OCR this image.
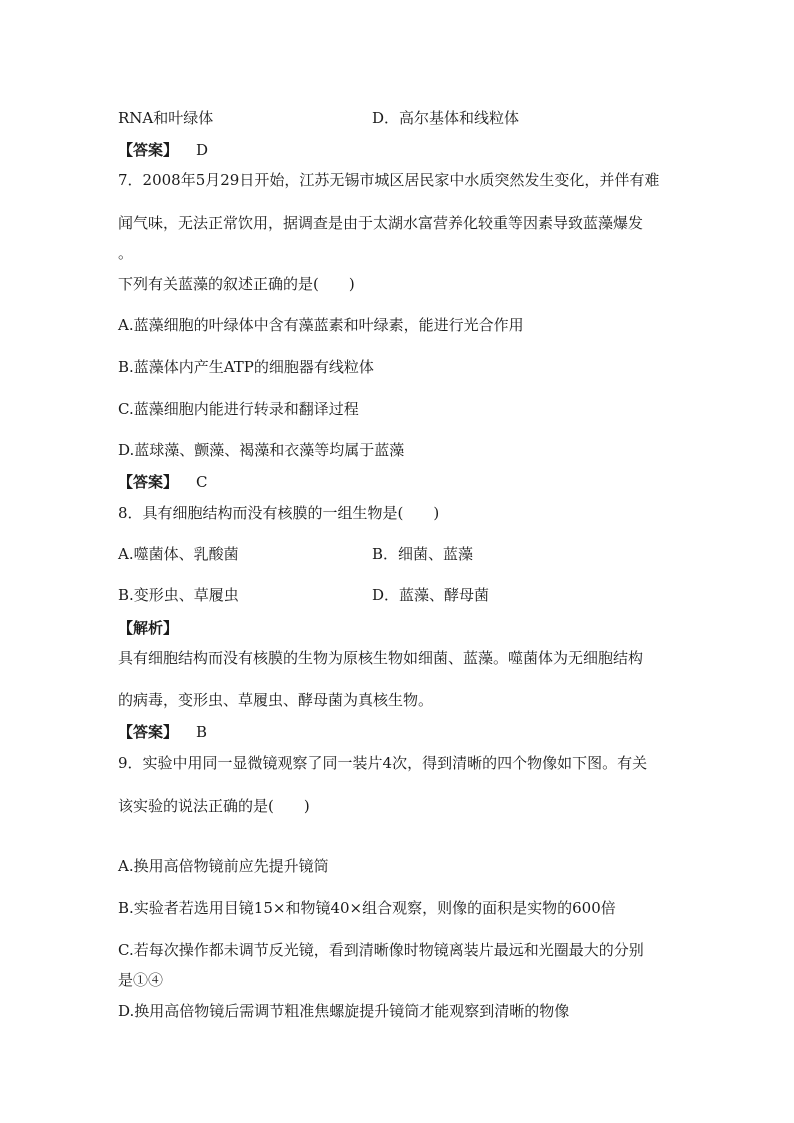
RNA和叶绿体	D．高尔基体和线粒体
【答案】 D
7．2008年5月29日开始，江苏无锡市城区居民家中水质突然发生变化，并伴有难
闻气味，无法正常饮用，据调查是由于太湖水富营养化较重等因素导致蓝藻爆发
。
下列有关蓝藻的叙述正确的是(　　)
A.蓝藻细胞的叶绿体中含有藻蓝素和叶绿素，能进行光合作用
B.蓝藻体内产生ATP的细胞器有线粒体
C.蓝藻细胞内能进行转录和翻译过程
D.蓝球藻、颤藻、褐藻和衣藻等均属于蓝藻
【答案】 C
8．具有细胞结构而没有核膜的一组生物是(　　)
A.噬菌体、乳酸菌	B．细菌、蓝藻
B.变形虫、草履虫	D．蓝藻、酵母菌
【解析】
具有细胞结构而没有核膜的生物为原核生物如细菌、蓝藻。噬菌体为无细胞结构
的病毒，变形虫、草履虫、酵母菌为真核生物。
【答案】 B
9．实验中用同一显微镜观察了同一装片4次，得到清晰的四个物像如下图。有关
该实验的说法正确的是(　　)
A.换用高倍物镜前应先提升镜筒
B.实验者若选用目镜15×和物镜40×组合观察，则像的面积是实物的600倍
C.若每次操作都未调节反光镜，看到清晰像时物镜离装片最远和光圈最大的分别
是①④
D.换用高倍物镜后需调节粗准焦螺旋提升镜筒才能观察到清晰的物像
